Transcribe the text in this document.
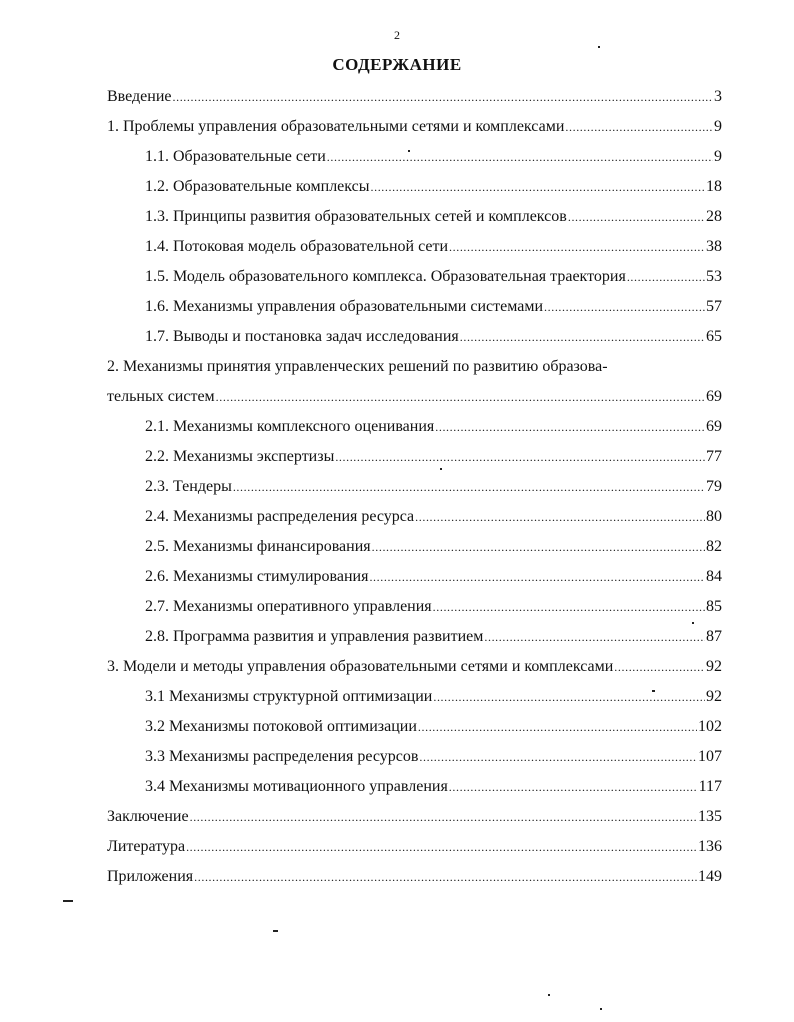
2
СОДЕРЖАНИЕ
Введение .....	3
1. Проблемы управления образовательными сетями и комплексами .....	9
1.1. Образовательные сети .....	9
1.2. Образовательные комплексы .....	18
1.3. Принципы развития образовательных сетей и комплексов .....	28
1.4. Потоковая модель образовательной сети .....	38
1.5. Модель образовательного комплекса. Образовательная траектория .....	53
1.6. Механизмы управления образовательными системами .....	57
1.7. Выводы и постановка задач исследования .....	65
2. Механизмы принятия управленческих решений по развитию образова-
тельных систем .....	69
2.1. Механизмы комплексного оценивания .....	69
2.2. Механизмы экспертизы .....	77
2.3. Тендеры .....	79
2.4. Механизмы распределения ресурса .....	80
2.5. Механизмы финансирования .....	82
2.6. Механизмы стимулирования .....	84
2.7. Механизмы оперативного управления .....	85
2.8. Программа развития и управления развитием .....	87
3. Модели и методы управления образовательными сетями и комплексами .....	92
3.1 Механизмы структурной оптимизации .....	92
3.2 Механизмы потоковой оптимизации .....	102
3.3 Механизмы распределения ресурсов .....	107
3.4 Механизмы мотивационного управления .....	117
Заключение .....	135
Литература .....	136
Приложения .....	149
